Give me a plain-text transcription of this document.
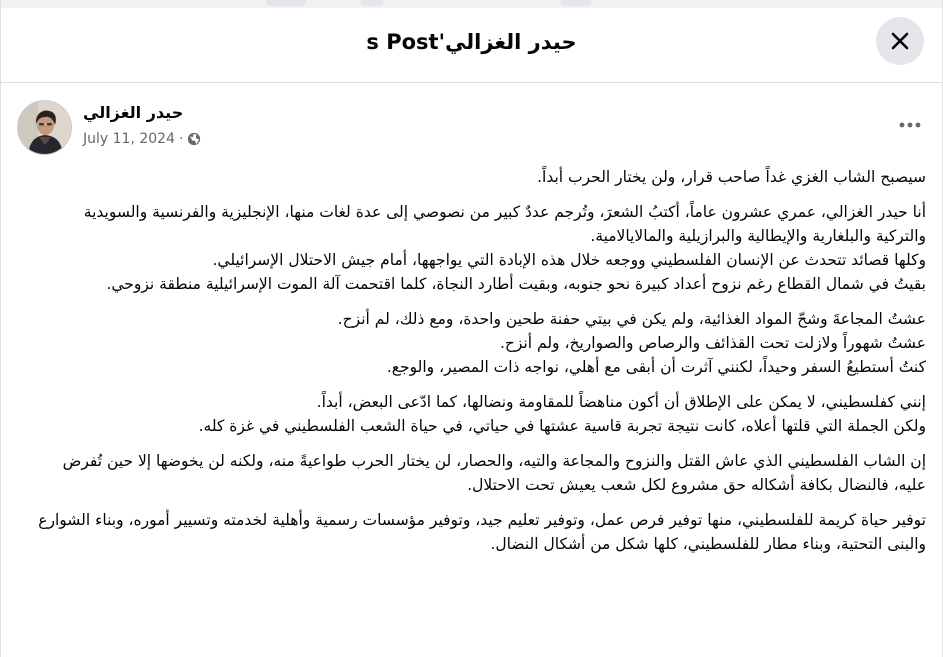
s Post'حيدر الغزالي
حيدر الغزالي
July 11, 2024 ·

سيصبح الشاب الغزي غداً صاحب قرار، ولن يختار الحرب أبداً.

أنا حيدر الغزالي، عمري عشرون عاماً، أكتبُ الشعرَ، وتُرجم عددٌ كبير من نصوصي إلى عدة لغات منها، الإنجليزية والفرنسية والسويدية والتركية والبلغارية والإيطالية والبرازيلية والمالايالامية.
وكلها قصائد تتحدث عن الإنسان الفلسطيني ووجعه خلال هذه الإبادة التي يواجهها، أمام جيش الاحتلال الإسرائيلي.
بقيتُ في شمال القطاع رغم نزوح أعداد كبيرة نحو جنوبه، وبقيت أطارد النجاة، كلما اقتحمت آلة الموت الإسرائيلية منطقة نزوحي.

عشتُ المجاعةَ وشحّ المواد الغذائية، ولم يكن في بيتي حفنة طحين واحدة، ومع ذلك، لم أنزح.
عشتُ شهوراً ولازلت تحت القذائف والرصاص والصواريخ، ولم أنزح.
كنتُ أستطيعُ السفر وحيداً، لكنني آثرت أن أبقى مع أهلي، نواجه ذات المصير، والوجع.

إنني كفلسطيني، لا يمكن على الإطلاق أن أكون مناهضاً للمقاومة ونضالها، كما ادّعى البعض، أبداً.
ولكن الجملة التي قلتها أعلاه، كانت نتيجة تجربة قاسية عشتها في حياتي، في حياة الشعب الفلسطيني في غزة كله.

إن الشاب الفلسطيني الذي عاش القتل والنزوح والمجاعة والتيه، والحصار، لن يختار الحرب طواعيةً منه، ولكنه لن يخوضها إلا حين تُفرض عليه، فالنضال بكافة أشكاله حق مشروع لكل شعب يعيش تحت الاحتلال.

توفير حياة كريمة للفلسطيني، منها توفير فرص عمل، وتوفير تعليم جيد، وتوفير مؤسسات رسمية وأهلية لخدمته وتسيير أموره، وبناء الشوارع والبنى التحتية، وبناء مطار للفلسطيني، كلها شكل من أشكال النضال.
